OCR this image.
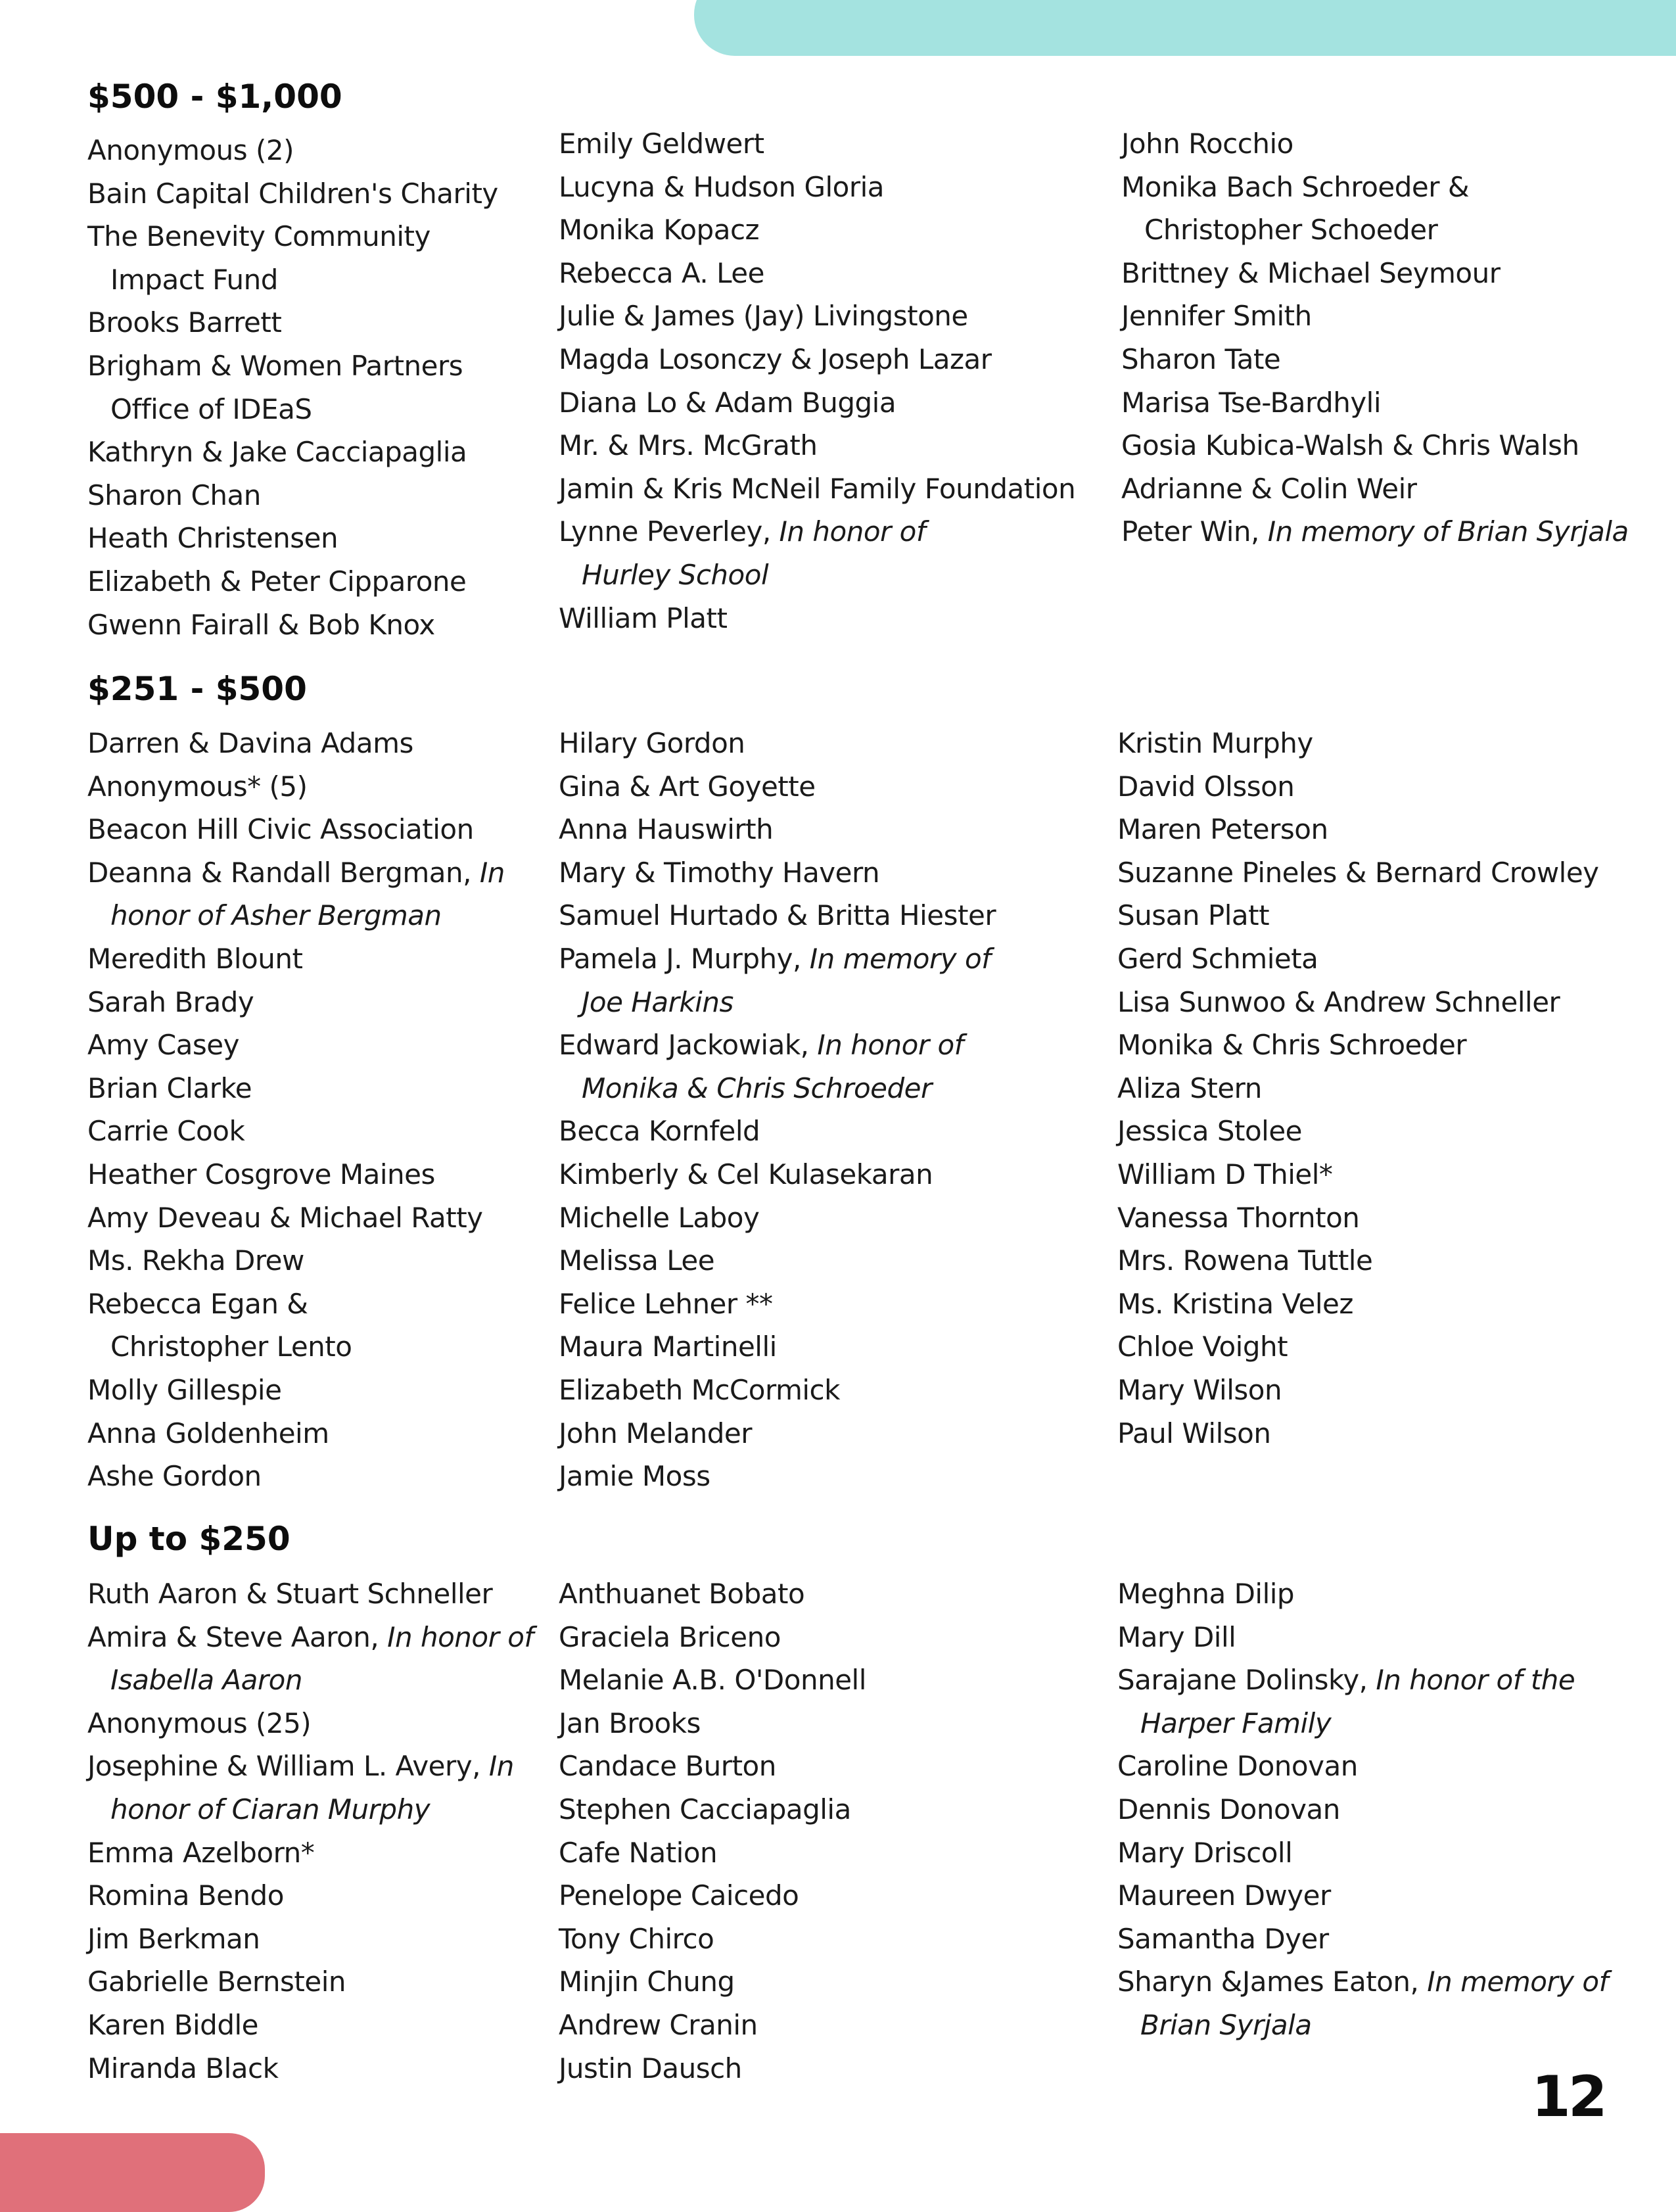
$500 - $1,000
Anonymous (2)
Bain Capital Children's Charity
The Benevity Community
Impact Fund
Brooks Barrett
Brigham & Women Partners
Office of IDEaS
Kathryn & Jake Cacciapaglia
Sharon Chan
Heath Christensen
Elizabeth & Peter Cipparone
Gwenn Fairall & Bob Knox
Emily Geldwert
Lucyna & Hudson Gloria
Monika Kopacz
Rebecca A. Lee
Julie & James (Jay) Livingstone
Magda Losonczy & Joseph Lazar
Diana Lo & Adam Buggia
Mr. & Mrs. McGrath
Jamin & Kris McNeil Family Foundation
Lynne Peverley, In honor of
Hurley School
William Platt
John Rocchio
Monika Bach Schroeder &
Christopher Schoeder
Brittney & Michael Seymour
Jennifer Smith
Sharon Tate
Marisa Tse-Bardhyli
Gosia Kubica-Walsh & Chris Walsh
Adrianne & Colin Weir
Peter Win, In memory of Brian Syrjala
$251 - $500
Darren & Davina Adams
Anonymous* (5)
Beacon Hill Civic Association
Deanna & Randall Bergman, In
honor of Asher Bergman
Meredith Blount
Sarah Brady
Amy Casey
Brian Clarke
Carrie Cook
Heather Cosgrove Maines
Amy Deveau & Michael Ratty
Ms. Rekha Drew
Rebecca Egan &
Christopher Lento
Molly Gillespie
Anna Goldenheim
Ashe Gordon
Hilary Gordon
Gina & Art Goyette
Anna Hauswirth
Mary & Timothy Havern
Samuel Hurtado & Britta Hiester
Pamela J. Murphy, In memory of
Joe Harkins
Edward Jackowiak, In honor of
Monika & Chris Schroeder
Becca Kornfeld
Kimberly & Cel Kulasekaran
Michelle Laboy
Melissa Lee
Felice Lehner **
Maura Martinelli
Elizabeth McCormick
John Melander
Jamie Moss
Kristin Murphy
David Olsson
Maren Peterson
Suzanne Pineles & Bernard Crowley
Susan Platt
Gerd Schmieta
Lisa Sunwoo & Andrew Schneller
Monika & Chris Schroeder
Aliza Stern
Jessica Stolee
William D Thiel*
Vanessa Thornton
Mrs. Rowena Tuttle
Ms. Kristina Velez
Chloe Voight
Mary Wilson
Paul Wilson
Up to $250
Ruth Aaron & Stuart Schneller
Amira & Steve Aaron, In honor of
Isabella Aaron
Anonymous (25)
Josephine & William L. Avery, In
honor of Ciaran Murphy
Emma Azelborn*
Romina Bendo
Jim Berkman
Gabrielle Bernstein
Karen Biddle
Miranda Black
Anthuanet Bobato
Graciela Briceno
Melanie A.B. O'Donnell
Jan Brooks
Candace Burton
Stephen Cacciapaglia
Cafe Nation
Penelope Caicedo
Tony Chirco
Minjin Chung
Andrew Cranin
Justin Dausch
Meghna Dilip
Mary Dill
Sarajane Dolinsky, In honor of the
Harper Family
Caroline Donovan
Dennis Donovan
Mary Driscoll
Maureen Dwyer
Samantha Dyer
Sharyn &James Eaton, In memory of
Brian Syrjala
12
